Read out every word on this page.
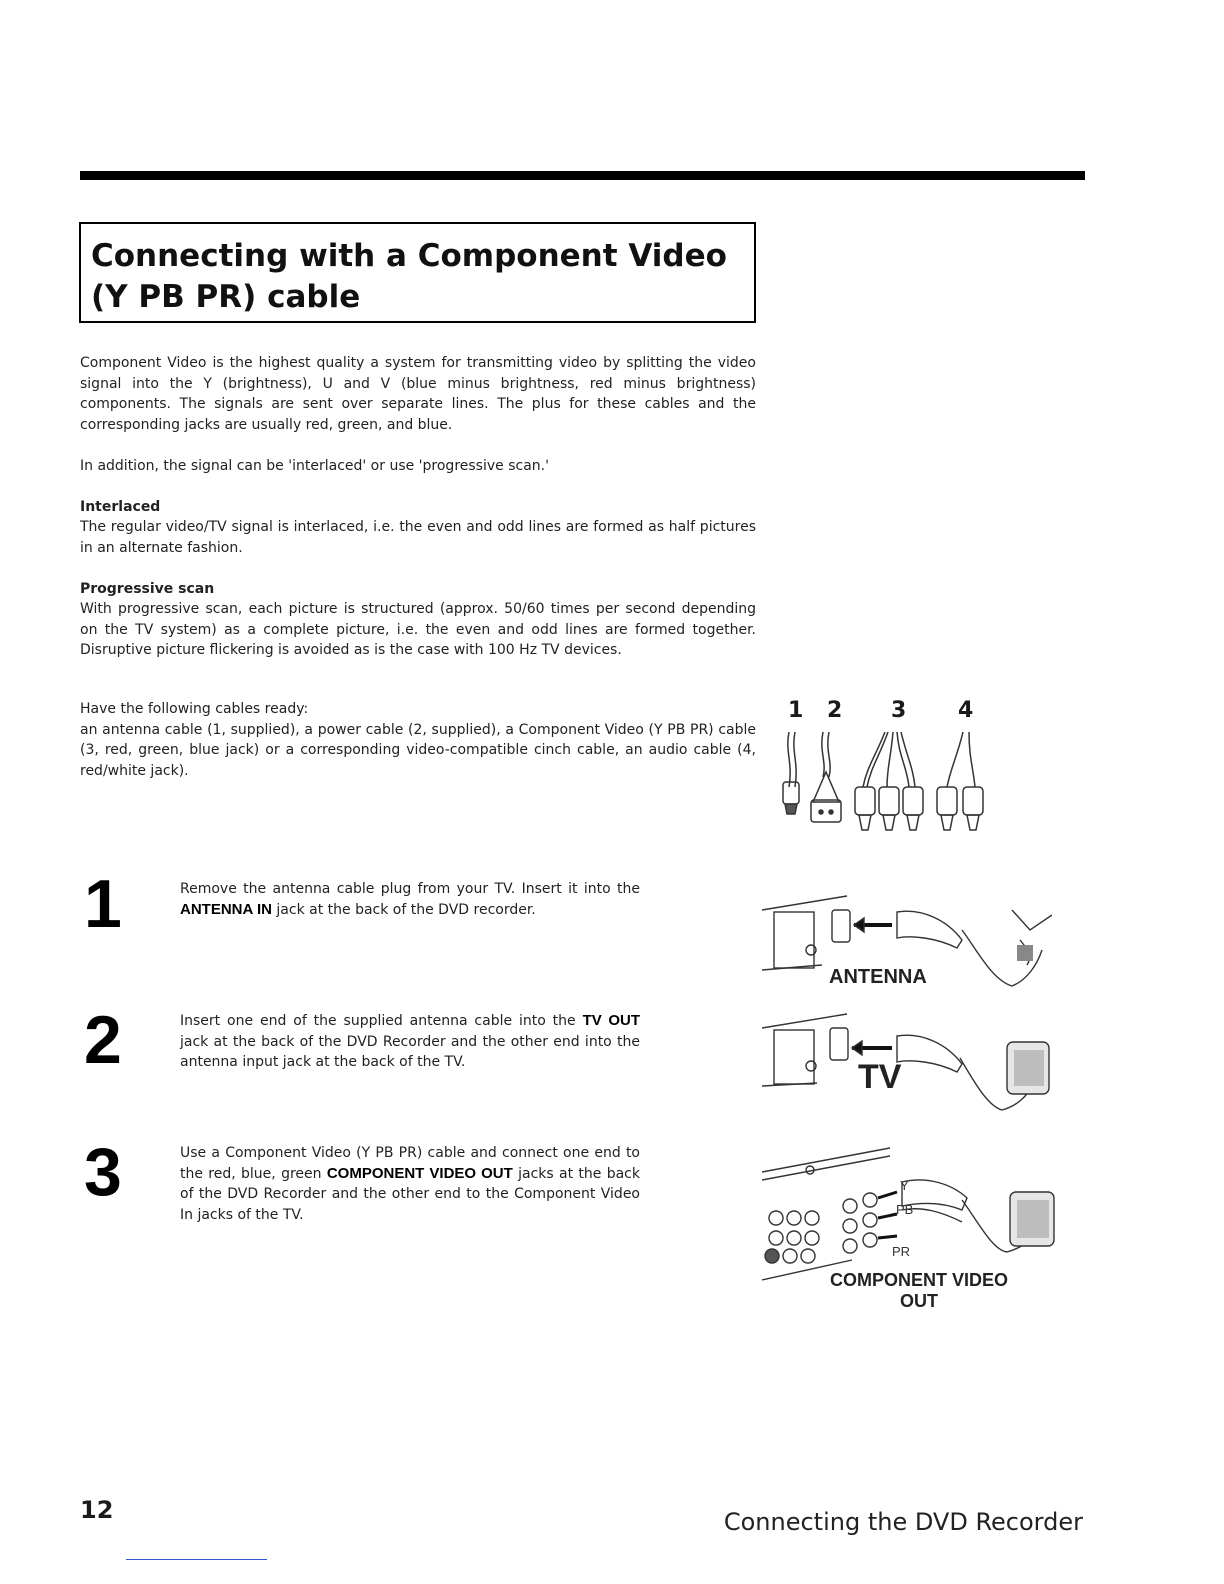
Connecting with a Component Video
(Y PB PR) cable

Component Video is the highest quality a system for transmitting video by splitting the video signal into the Y (brightness), U and V (blue minus brightness, red minus brightness) components. The signals are sent over separate lines. The plus for these cables and the corresponding jacks are usually red, green, and blue.

In addition, the signal can be 'interlaced' or use 'progressive scan.'

Interlaced

The regular video/TV signal is interlaced, i.e. the even and odd lines are formed as half pictures in an alternate fashion.

Progressive scan

With progressive scan, each picture is structured (approx. 50/60 times per second depending on the TV system) as a complete picture, i.e. the even and odd lines are formed together. Disruptive picture flickering is avoided as is the case with 100 Hz TV devices.

Have the following cables ready:

an antenna cable (1, supplied), a power cable (2, supplied), a Component Video (Y PB PR) cable (3, red, green, blue jack) or a corresponding video-compatible cinch cable, an audio cable (4, red/white jack).

1 2 3 4
1	Remove the antenna cable plug from your TV. Insert it into the ANTENNA IN jack at the back of the DVD recorder.
2	Insert one end of the supplied antenna cable into the TV OUT jack at the back of the DVD Recorder and the other end into the antenna input jack at the back of the TV.
3	Use a Component Video (Y PB PR) cable and connect one end to the red, blue, green COMPONENT VIDEO OUT jacks at the back of the DVD Recorder and the other end to the Component Video In jacks of the TV.
ANTENNA
TV
Y
PB
PR
COMPONENT VIDEO
OUT
12	Connecting the DVD Recorder
